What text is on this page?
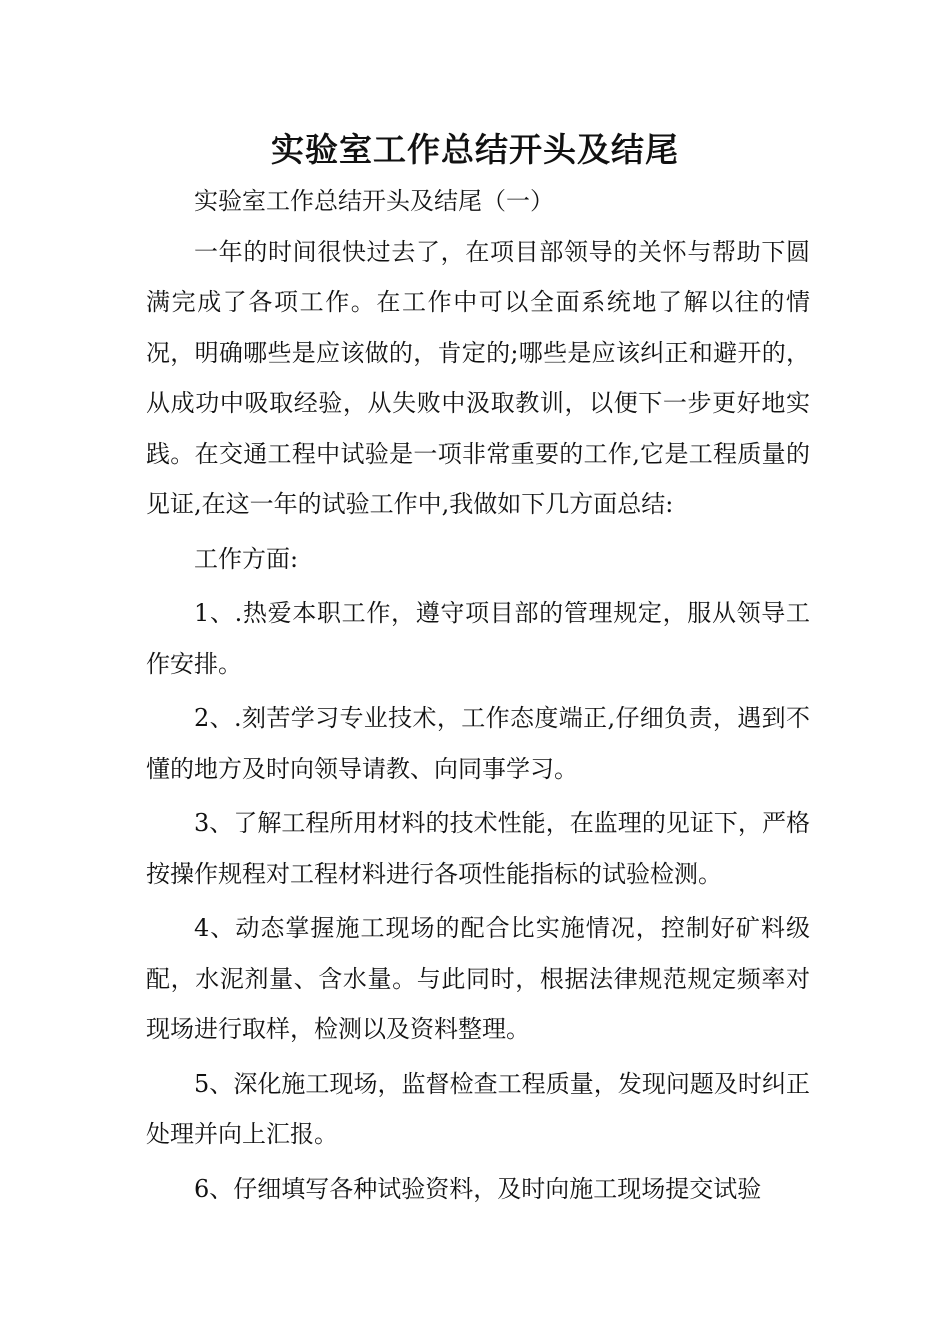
实验室工作总结开头及结尾

实验室工作总结开头及结尾（一）

一年的时间很快过去了，在项目部领导的关怀与帮助下圆满完成了各项工作。在工作中可以全面系统地了解以往的情况，明确哪些是应该做的，肯定的;哪些是应该纠正和避开的，从成功中吸取经验，从失败中汲取教训，以便下一步更好地实践。在交通工程中试验是一项非常重要的工作,它是工程质量的见证,在这一年的试验工作中,我做如下几方面总结:

工作方面:

1、.热爱本职工作，遵守项目部的管理规定，服从领导工作安排。

2、.刻苦学习专业技术，工作态度端正,仔细负责，遇到不懂的地方及时向领导请教、向同事学习。

3、了解工程所用材料的技术性能，在监理的见证下，严格按操作规程对工程材料进行各项性能指标的试验检测。

4、动态掌握施工现场的配合比实施情况，控制好矿料级配，水泥剂量、含水量。与此同时，根据法律规范规定频率对现场进行取样，检测以及资料整理。

5、深化施工现场，监督检查工程质量，发现问题及时纠正处理并向上汇报。

6、仔细填写各种试验资料，及时向施工现场提交试验
